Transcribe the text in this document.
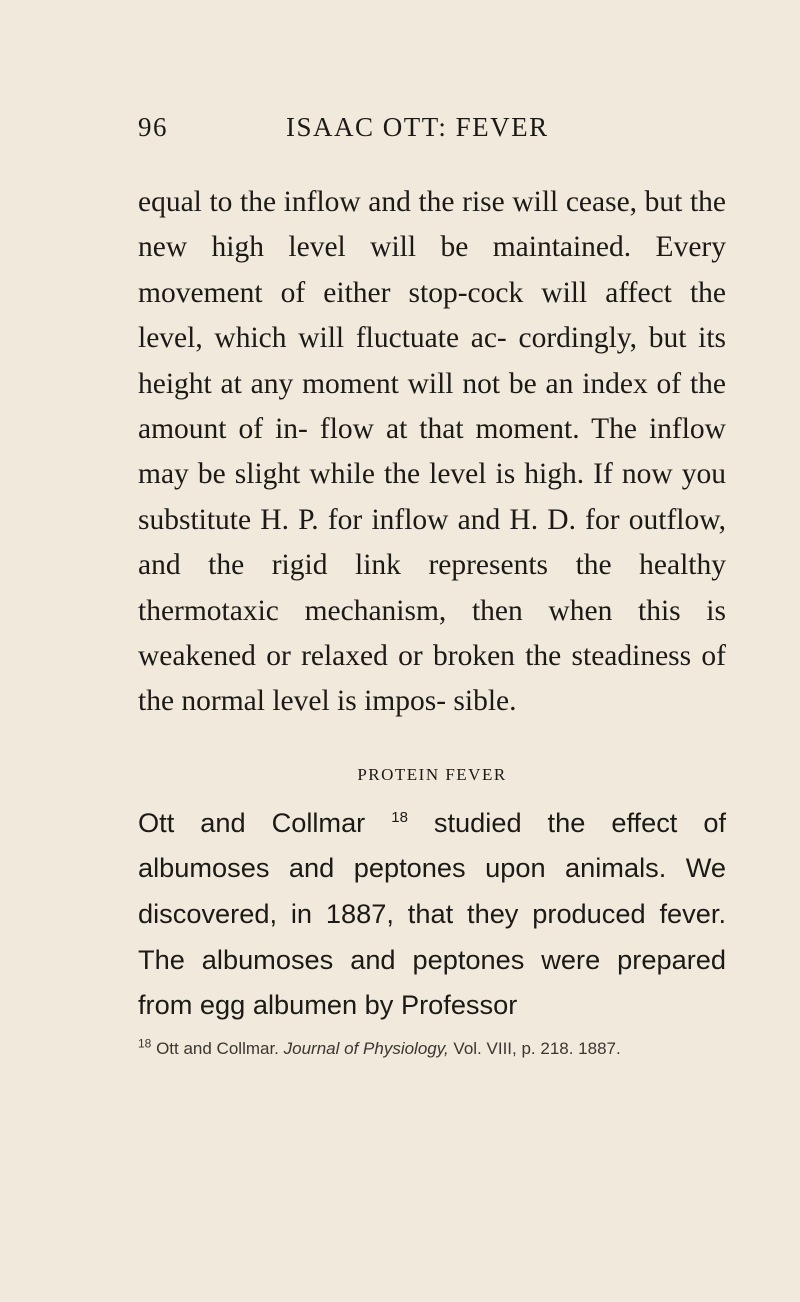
96	ISAAC OTT: FEVER

equal to the inflow and the rise will cease, but the new high level will be maintained. Every movement of either stop-cock will affect the level, which will fluctuate ac- cordingly, but its height at any moment will not be an index of the amount of in- flow at that moment. The inflow may be slight while the level is high. If now you substitute H. P. for inflow and H. D. for outflow, and the rigid link represents the healthy thermotaxic mechanism, then when this is weakened or relaxed or broken the steadiness of the normal level is impos- sible.

PROTEIN FEVER

Ott and Collmar $^{18}$ studied the effect of albumoses and peptones upon animals. We discovered, in 1887, that they produced fever. The albumoses and peptones were prepared from egg albumen by Professor

$^{18}$ Ott and Collmar. Journal of Physiology, Vol. VIII, p. 218. 1887.
